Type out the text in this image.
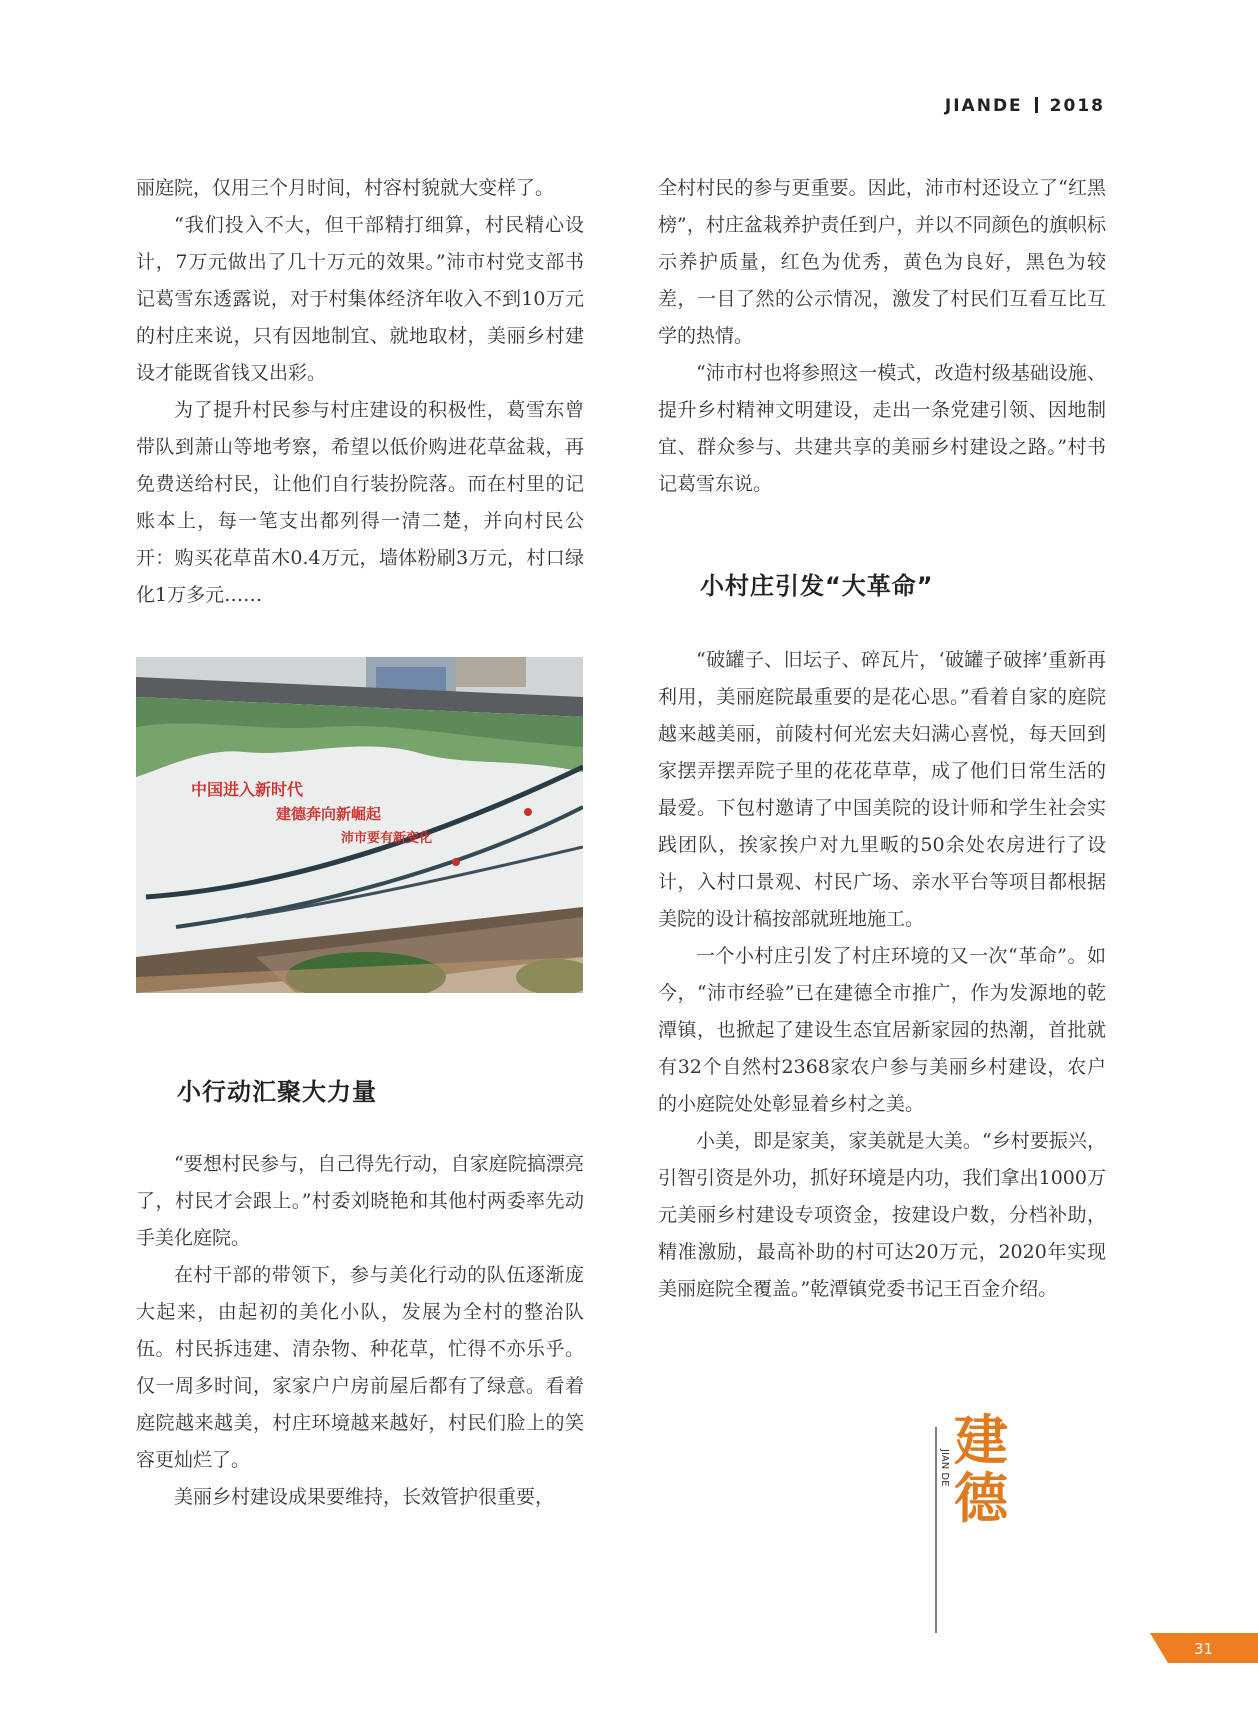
JIANDE 2018

丽庭院，仅用三个月时间，村容村貌就大变样了。

“我们投入不大，但干部精打细算，村民精心设计，7万元做出了几十万元的效果。”沛市村党支部书记葛雪东透露说，对于村集体经济年收入不到10万元的村庄来说，只有因地制宜、就地取材，美丽乡村建设才能既省钱又出彩。

为了提升村民参与村庄建设的积极性，葛雪东曾带队到萧山等地考察，希望以低价购进花草盆栽，再免费送给村民，让他们自行装扮院落。而在村里的记账本上，每一笔支出都列得一清二楚，并向村民公开：购买花草苗木0.4万元，墙体粉刷3万元，村口绿化1万多元……

中国进入新时代
建德奔向新崛起
沛市要有新变化
小行动汇聚大力量

“要想村民参与，自己得先行动，自家庭院搞漂亮了，村民才会跟上。”村委刘晓艳和其他村两委率先动手美化庭院。

在村干部的带领下，参与美化行动的队伍逐渐庞大起来，由起初的美化小队，发展为全村的整治队伍。村民拆违建、清杂物、种花草，忙得不亦乐乎。仅一周多时间，家家户户房前屋后都有了绿意。看着庭院越来越美，村庄环境越来越好，村民们脸上的笑容更灿烂了。

美丽乡村建设成果要维持，长效管护很重要，

全村村民的参与更重要。因此，沛市村还设立了“红黑榜”，村庄盆栽养护责任到户，并以不同颜色的旗帜标示养护质量，红色为优秀，黄色为良好，黑色为较差，一目了然的公示情况，激发了村民们互看互比互学的热情。

“沛市村也将参照这一模式，改造村级基础设施、提升乡村精神文明建设，走出一条党建引领、因地制宜、群众参与、共建共享的美丽乡村建设之路。”村书记葛雪东说。

小村庄引发“大革命”

“破罐子、旧坛子、碎瓦片，‘破罐子破摔’重新再利用，美丽庭院最重要的是花心思。”看着自家的庭院越来越美丽，前陵村何光宏夫妇满心喜悦，每天回到家摆弄摆弄院子里的花花草草，成了他们日常生活的最爱。下包村邀请了中国美院的设计师和学生社会实践团队，挨家挨户对九里畈的50余处农房进行了设计，入村口景观、村民广场、亲水平台等项目都根据美院的设计稿按部就班地施工。

一个小村庄引发了村庄环境的又一次“革命”。如今，“沛市经验”已在建德全市推广，作为发源地的乾潭镇，也掀起了建设生态宜居新家园的热潮，首批就有32个自然村2368家农户参与美丽乡村建设，农户的小庭院处处彰显着乡村之美。

小美，即是家美，家美就是大美。“乡村要振兴，引智引资是外功，抓好环境是内功，我们拿出1000万元美丽乡村建设专项资金，按建设户数，分档补助，精准激励，最高补助的村可达20万元，2020年实现美丽庭院全覆盖。”乾潭镇党委书记王百金介绍。

建
德
JIAN DE
31
